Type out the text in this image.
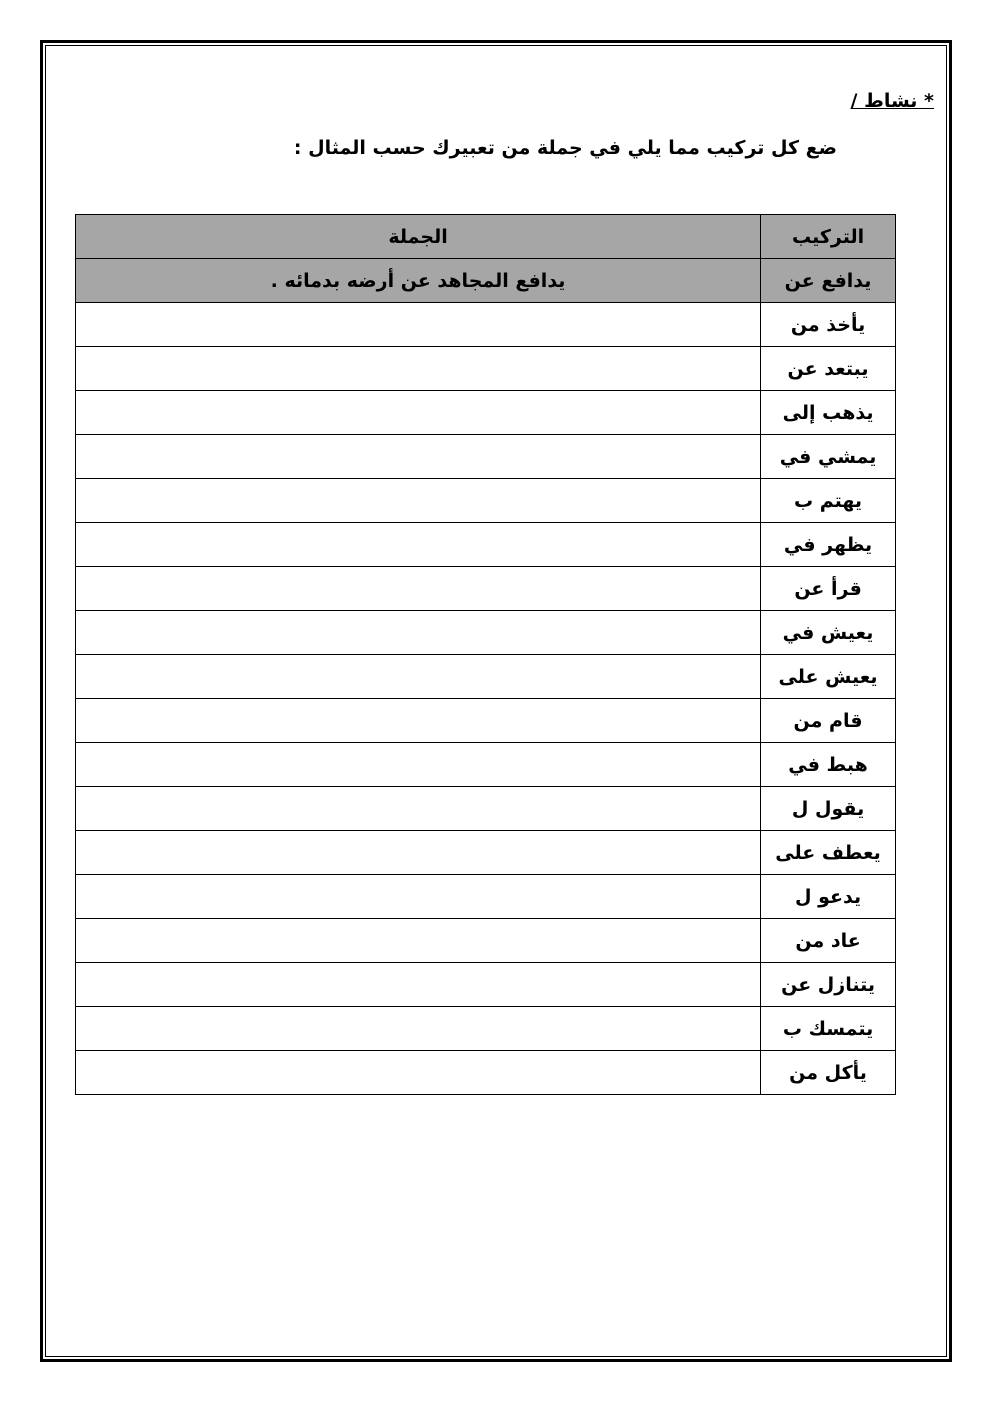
* نشاط /
ضع كل تركيب مما يلي في جملة من تعبيرك حسب المثال :
التركيب	الجملة
يدافع عن	يدافع المجاهد عن أرضه بدمائه .
يأخذ من	
يبتعد عن	
يذهب إلى	
يمشي في	
يهتم ب	
يظهر في	
قرأ عن	
يعيش في	
يعيش على	
قام من	
هبط في	
يقول ل	
يعطف على	
يدعو ل	
عاد من	
يتنازل عن	
يتمسك ب	
يأكل من	
